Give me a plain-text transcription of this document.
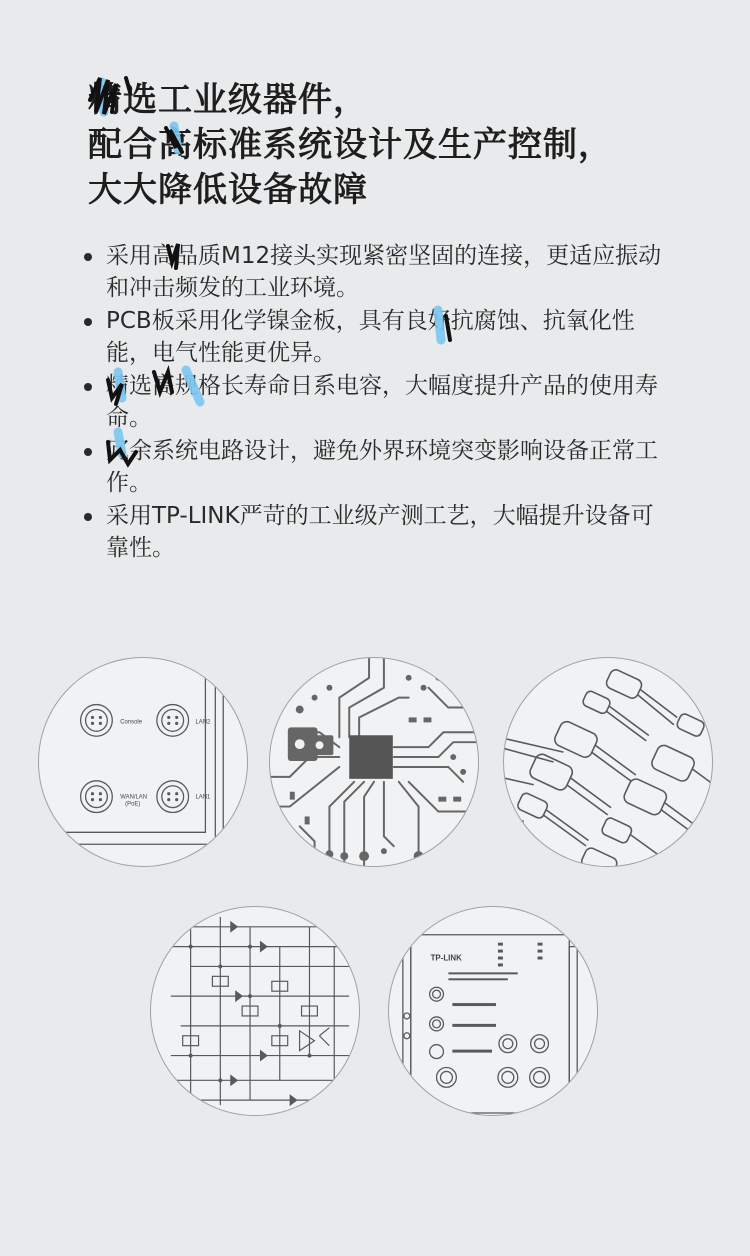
精选工业级器件，
配合高标准系统设计及生产控制，
大大降低设备故障
采用高品质M12接头实现紧密坚固的连接，更适应振动和冲击频发的工业环境。
PCB板采用化学镍金板，具有良好抗腐蚀、抗氧化性能，电气性能更优异。
精选高规格长寿命日系电容，大幅度提升产品的使用寿命。
冗余系统电路设计，避免外界环境突变影响设备正常工作。
采用TP-LINK严苛的工业级产测工艺，大幅提升设备可靠性。
Console	LAN2
WAN/LAN
(PoE)
LAN1
TP-LINK
